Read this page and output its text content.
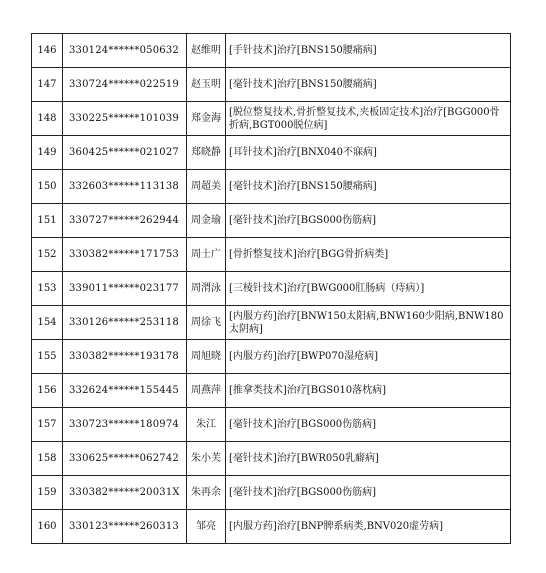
146	330124******050632	赵维明	[手针技术]治疗[BNS150腰痛病]
147	330724******022519	赵玉明	[毫针技术]治疗[BNS150腰痛病]
148	330225******101039	郑金海	[脱位整复技术,骨折整复技术,夹板固定技术]治疗[BGG000骨折病,BGT000脱位病]
149	360425******021027	郑晓静	[耳针技术]治疗[BNX040不寐病]
150	332603******113138	周超美	[毫针技术]治疗[BNS150腰痛病]
151	330727******262944	周金瑜	[毫针技术]治疗[BGS000伤筋病]
152	330382******171753	周士广	[骨折整复技术]治疗[BGG骨折病类]
153	339011******023177	周渭泳	[三棱针技术]治疗[BWG000肛肠病（痔病）]
154	330126******253118	周徐飞	[内服方药]治疗[BNW150太阳病,BNW160少阳病,BNW180太阴病]
155	330382******193178	周旭晓	[内服方药]治疗[BWP070湿疮病]
156	332624******155445	周燕萍	[推拿类技术]治疗[BGS010落枕病]
157	330723******180974	朱江	[毫针技术]治疗[BGS000伤筋病]
158	330625******062742	朱小芙	[毫针技术]治疗[BWR050乳癖病]
159	330382******20031X	朱再余	[毫针技术]治疗[BGS000伤筋病]
160	330123******260313	邹亮	[内服方药]治疗[BNP脾系病类,BNV020虚劳病]
